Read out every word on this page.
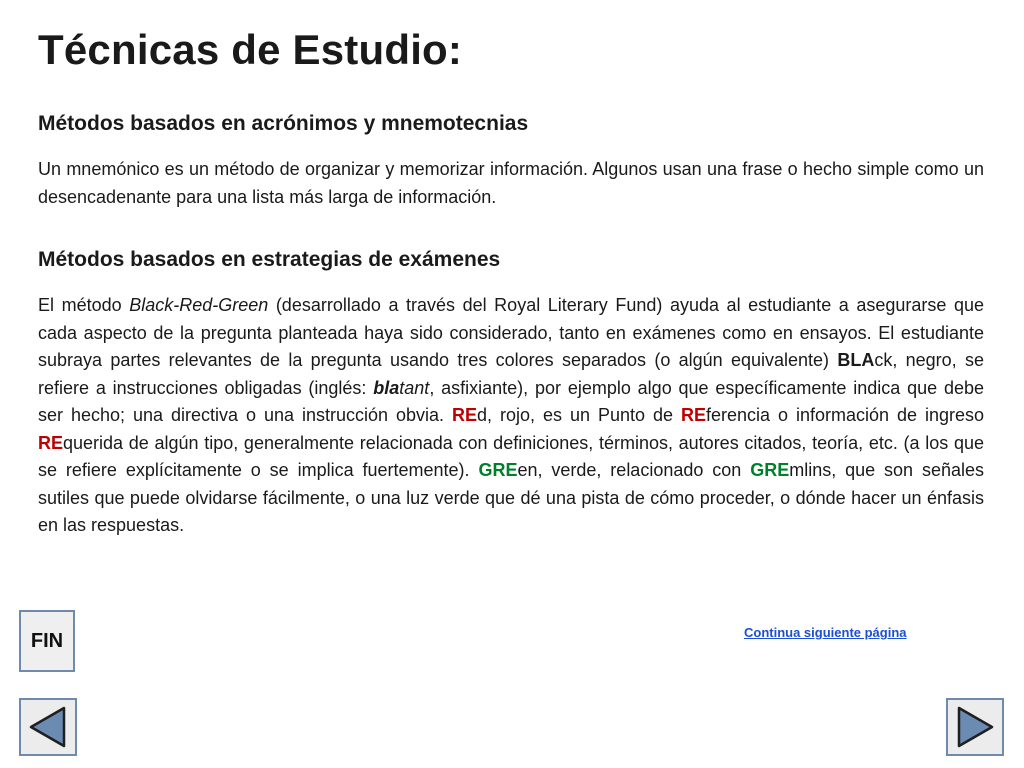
Técnicas de Estudio:
Métodos basados en acrónimos y mnemotecnias

Un mnemónico es un método de organizar y memorizar información. Algunos usan una frase o hecho simple como un desencadenante para una lista más larga de información.

Métodos basados en estrategias de exámenes

El método Black-Red-Green (desarrollado a través del Royal Literary Fund) ayuda al estudiante a asegurarse que cada aspecto de la pregunta planteada haya sido considerado, tanto en exámenes como en ensayos. El estudiante subraya partes relevantes de la pregunta usando tres colores separados (o algún equivalente) BLAck, negro, se refiere a instrucciones obligadas (inglés: blatant, asfixiante), por ejemplo algo que específicamente indica que debe ser hecho; una directiva o una instrucción obvia. REd, rojo, es un Punto de REferencia o información de ingreso REquerida de algún tipo, generalmente relacionada con definiciones, términos, autores citados, teoría, etc. (a los que se refiere explícitamente o se implica fuertemente). GREen, verde, relacionado con GREmlins, que son señales sutiles que puede olvidarse fácilmente, o una luz verde que dé una pista de cómo proceder, o dónde hacer un énfasis en las respuestas.

FIN	Continua siguiente página
